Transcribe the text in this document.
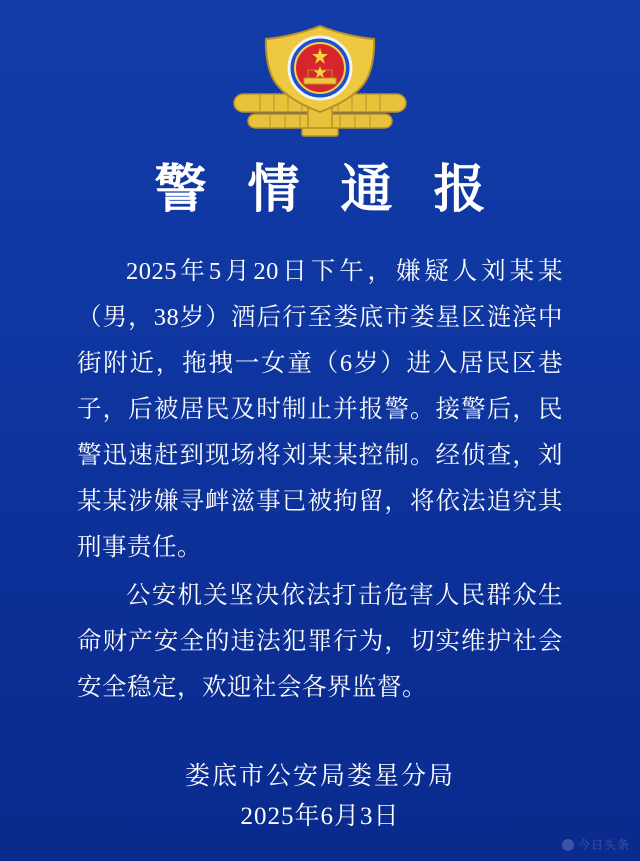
警 情 通 报

2025年5月20日下午，嫌疑人刘某某（男，38岁）酒后行至娄底市娄星区涟滨中街附近，拖拽一女童（6岁）进入居民区巷子，后被居民及时制止并报警。接警后，民警迅速赶到现场将刘某某控制。经侦查，刘某某涉嫌寻衅滋事已被拘留，将依法追究其刑事责任。

公安机关坚决依法打击危害人民群众生命财产安全的违法犯罪行为，切实维护社会安全稳定，欢迎社会各界监督。

娄底市公安局娄星分局
2025年6月3日
今日头条
